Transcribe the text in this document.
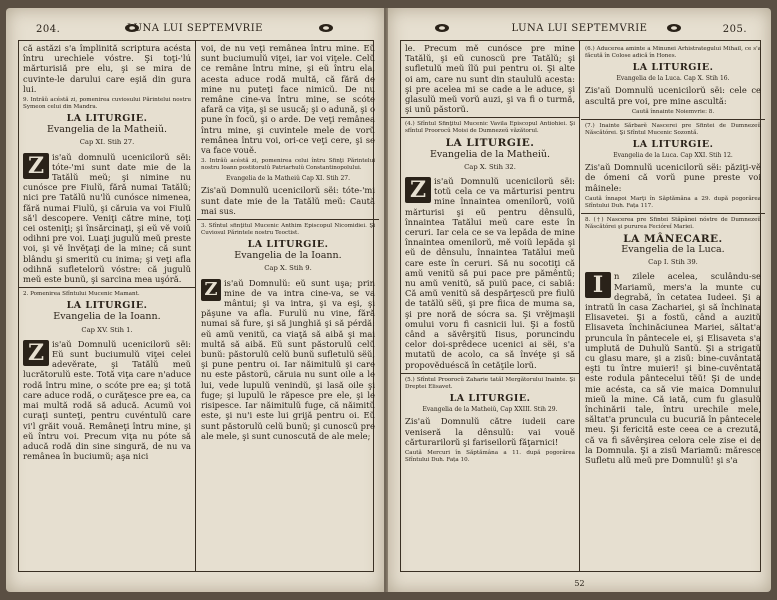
204.	LUNA LUI SEPTEMVRIE

că astăzi s'a împlinită scriptura acésta întru urechiele vóstre. Şi toţi-'lú mărturisiă pre elu, şi se mira de cuvinte-le darului care eşiă din gura lui.

9. Intrăŭ acéstă zi, pomenirea cuviosului Părintelui nostru Symeon celui din Mandra.

LA LITURGIE.
Evangelia de la Matheiŭ.
Cap XI. Stih 27.
Z is'aŭ domnulŭ ucenicilorŭ sëi: tóte-'mi sunt date mie de la Tatălŭ meŭ; şi nimine nu cunósce pre Fiulŭ, fără numai Tatălŭ; nici pre Tatălŭ nu'lŭ cunósce nimenea, fără numai Fiulŭ, şi căruia va voi Fiulŭ să'l descopere. Veniţi către mine, toţi cei osteniţi; şi însărcinaţi, şi eŭ vĕ voiŭ odihni pre voi. Luaţi jugulŭ meŭ preste voi, şi vĕ învĕţaţi de la mine; că sunt blându şi smeritŭ cu inima; şi veţi afla odihnă sufletelorŭ vóstre: că jugulŭ meŭ este bunŭ, şi sarcina mea uşóră.

2. Pomenirea Sfîntului Mucenic Mamant.

LA LITURGIE.
Evangelia de la Ioann.
Cap XV. Stih 1.
Z is'aŭ Domnulŭ ucenicilorŭ sëi: Eŭ sunt buciumulŭ viţei celei adevĕrate, şi Tatălŭ meŭ lucrătorulŭ este. Totă viţa care n'aduce rodă întru mine, o scóte pre ea; şi totă care aduce rodă, o curăţesce pre ea, ca mai multă rodă să aducă. Acumŭ voi curaţi sunteţi, pentru cuvéntulŭ care vi'l grăit vouă. Remâneţi întru mine, şi eŭ întru voi. Precum viţa nu póte să aducă rodă din sine singură, de nu va remânea în buciumŭ; aşa nici

voi, de nu veţi remânea întru mine. Eŭ sunt buciumulŭ viţei, iar voi viţele. Celŭ ce remâne întru mine, şi eŭ întru ela, acesta aduce rodă multă, că fără de mine nu puteţi face nimicŭ. De nu remâne cine-va întru mine, se scóte afară ca viţa, şi se usucă; şi o adună, şi o pune în focŭ, şi o arde. De veţi remânea întru mine, şi cuvintele mele de vorŭ remânea întru voi, ori-ce veţi cere, şi se va face vouĕ.

3. Intrăŭ acéstă zi, pomenirea celui întru Sfinţi Părintelui nostru Ioann postitorulŭ Patriarhulŭ Constantinopolului.

Evangelia de la Matheiŭ Cap XI. Stih 27.

Zis'aŭ Domnulŭ ucenicilorŭ sëi: tóte-'mi sunt date mie de la Tatălŭ meŭ: Caută mai sus.

3. Sfîntul sfinţitul Mucenic Anthim Episcopul Nicomidiei. Şi Cuviosul Părintele nostru Teoctist.

LA LITURGIE.
Evangelia de la Ioann.
Cap X. Stih 9.
Z is'aŭ Domnulŭ: eŭ sunt uşa; prin mine de va intra cine-va, se va mântui; şi va intra, şi va eşi, şi păşune va afla. Furulŭ nu vine, fără numai să fure, şi să junghiă şi să pérdă: eŭ amŭ venitŭ, ca viaţă să aibă şi mai multă să aibă. Eŭ sunt păstorulŭ celŭ bunŭ: păstorulŭ celŭ bunŭ sufletulŭ sëŭ, şi pune pentru oi. Iar năimitulŭ şi care nu este păstorŭ, căruia nu sunt oile a le lui, vede lupulŭ venindŭ, şi lasă oile şi fuge; şi lupulŭ le răpesce pre ele, şi le risipesce. Iar năimitulŭ fuge, că năimitŭ este, şi nu'i este lui grijă pentru oi. Eŭ sunt păstorulŭ celŭ bunŭ; şi cunoscŭ pre ale mele, şi sunt cunoscută de ale mele;

LUNA LUI SEPTEMVRIE	205.

le. Precum mĕ cunósce pre mine Tatălŭ, şi eŭ cunoscŭ pre Tatălŭ; şi sufletulŭ meŭ îlŭ pui pentru oi. Şi alte oi am, care nu sunt din staululŭ acesta: şi pre acelea mi se cade a le aduce, şi glasulŭ meŭ vorŭ auzi, şi va fi o turmă, şi unŭ păstorŭ.

(4.) Sfîntul Sfinţitul Mucenic Vavila Episcopul Antiohiei. Şi sfîntul Proorocŭ Moisi de Dumnezeŭ văzătorul.

LA LITURGIE.
Evangelia de la Matheiŭ.
Cap X. Stih 32.
Z is'aŭ Domnulŭ ucenicilorŭ sëi: totŭ cela ce va mărturisi pentru mine înnaintea omenilorŭ, voiŭ mărturisi şi eŭ pentru dênsulŭ, înnaintea Tatălui meŭ care este în ceruri. Iar cela ce se va lepăda de mine înnaintea omenilorŭ, mĕ voiŭ lepăda şi eŭ de dênsulu, înnaintea Tatălui meŭ care este în ceruri. Să nu socotiţi că amŭ venitŭ să pui pace pre pămêntŭ; nu amŭ venitŭ, să puiŭ pace, ci sabiă: Că amŭ venitŭ să despărţescŭ pre fiulŭ de tatălŭ sëŭ, şi pre fiica de muma sa, şi pre noră de sócra sa. Şi vrĕjmaşii omului voru fi casnicii lui. Şi a fostŭ când a săvêrşitŭ Iisus, poruncindu celor doi-sprêdece ucenici ai sëi, s'a mutatŭ de acolo, ca să învéţe şi să propovĕduéscă în cetăţile lorŭ.

(5.) Sfîntul Proorocŭ Zaharie tatăl Mergătorului Inainte. Şi Dreptei Elisavet.

LA LITURGIE.
Evangelia de la Matheiŭ, Cap XXIII. Stih 29.

Zis'aŭ Domnulŭ către iudeii care veniseră la dênsulŭ: vai vouĕ cărturarilorŭ şi fariseilorŭ făţarnici!

Caută Mercuri în Săptămâna a 11. după pogorârea Sfîntului Duh. Fața 10.

(6.) Aducerea aminte a Minunei Arhistrategului Mihail, ce s'a făcută în Colose adică în Hones.

LA LITURGIE.
Evangelia de la Luca. Cap X. Stih 16.

Zis'aŭ Domnulŭ ucenicilorŭ sëi: cele ce ascultă pre voi, pre mine ascultă:

Caută înnainte Noiemvrie: 8.

(7.) Inainte Sărbarĕ Nascerei pre Sfintei de Dumnezeŭ Născătórei. Şi Sfîntul Mucenic Sozontă.

LA LITURGIE.
Evangelia de la Luca. Cap XXI. Stih 12.

Zis'aŭ Domnulŭ ucenicilorŭ sëi: păziţi-vĕ de ómeni că vorŭ pune preste voi mâinele:

Caută înnapoi Marţi în Săptămâna a 29. după pogorârea Sfîntului Duh. Fața 117.

8. (†) Nascerea pre Sfintei Stăpânei nóstre de Dumnezeŭ Născătórei şi pururea Fecióreĭ Mariei.

LA MÂNECARE.
Evangelia de la Luca.
Cap I. Stih 39.
I	n zilele acelea, sculându-se Mariamŭ, mers'a la munte cu degrabă, în cetatea Iudeei. Şi a intratŭ în casa Zachariei, şi să închinata Elisavetei. Şi a fostŭ, când a auzitŭ Elisaveta închinăciunea Mariei, săltat'a pruncula în pântecele ei, şi Elisaveta s'a umplută de Duhulŭ Santŭ. Şi a strigatŭ cu glasu mare, şi a zisŭ: bine-cuvântată eşti tu între muieri! şi bine-cuvêntată este rodula pântecelui tëŭ! Şi de unde mie acésta, ca să vie maica Domnului mieŭ la mine. Că iată, cum fu glasulŭ închinării tale, întru urechile mele, săltat'a pruncula cu bucuriă în pântecele meu. Şi fericită este ceea ce a crezută, că va fi săvêrşirea celora cele zise ei de la Domnula. Şi a zisŭ Mariamŭ: măresce Sufletu alŭ meŭ pre Domnulŭ! şi s'a

52
